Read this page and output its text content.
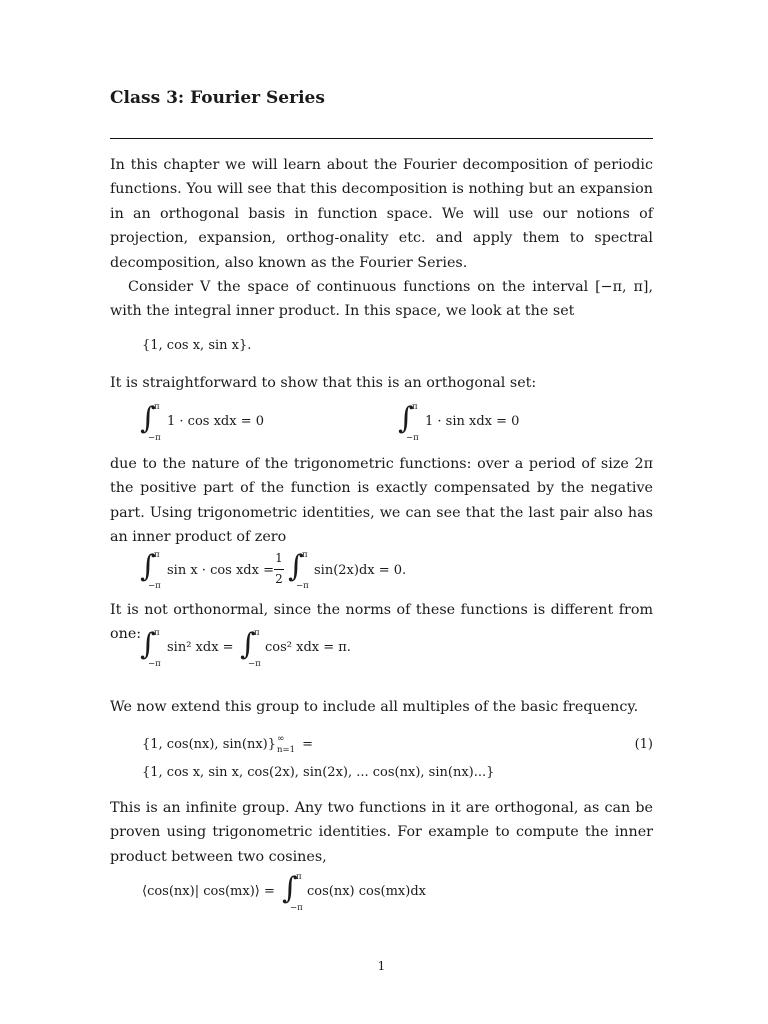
Class 3: Fourier Series

In this chapter we will learn about the Fourier decomposition of periodic functions. You will see that this decomposition is nothing but an expansion in an orthogonal basis in function space. We will use our notions of projection, expansion, orthog-onality etc. and apply them to spectral decomposition, also known as the Fourier Series.

Consider V the space of continuous functions on the interval [−π, π], with the integral inner product. In this space, we look at the set

{1, cos x, sin x}.

It is straightforward to show that this is an orthogonal set:

∫
π
−π
1 · cos xdx = 0	∫
π
−π
1 · sin xdx = 0

due to the nature of the trigonometric functions: over a period of size 2π the positive part of the function is exactly compensated by the negative part. Using trigonometric identities, we can see that the last pair also has an inner product of zero

∫
π
−π
sin x · cos xdx =
1
2 ∫
π
−π
sin(2x)dx = 0.

It is not orthonormal, since the norms of these functions is different from one:

∫
π
−π
sin² xdx = ∫
π
−π
cos² xdx = π.

We now extend this group to include all multiples of the basic frequency.

{1, cos(nx), sin(nx)} ∞
n=1 =	(1)
{1, cos x, sin x, cos(2x), sin(2x), ... cos(nx), sin(nx)...}

This is an infinite group. Any two functions in it are orthogonal, as can be proven using trigonometric identities. For example to compute the inner product between two cosines,

⟨cos(nx)| cos(mx)⟩ = ∫
π
−π
cos(nx) cos(mx)dx
1
